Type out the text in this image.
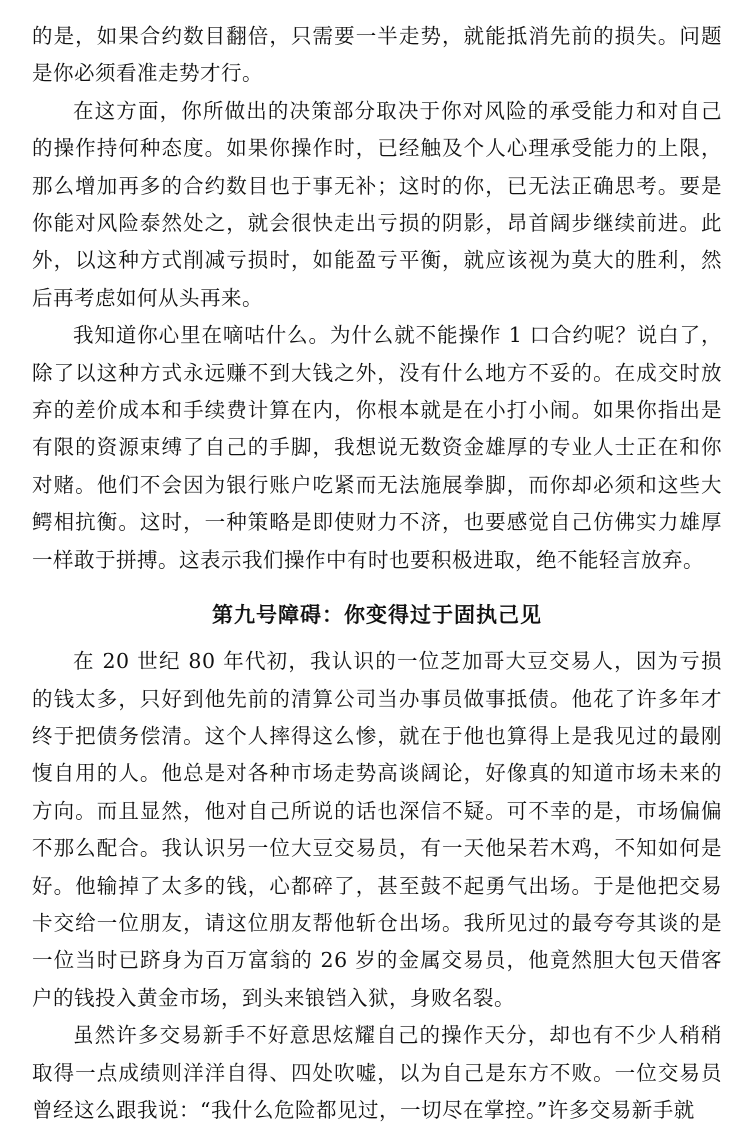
的是，如果合约数目翻倍，只需要一半走势，就能抵消先前的损失。问题是你必须看准走势才行。

在这方面，你所做出的决策部分取决于你对风险的承受能力和对自己的操作持何种态度。如果你操作时，已经触及个人心理承受能力的上限，那么增加再多的合约数目也于事无补；这时的你，已无法正确思考。要是你能对风险泰然处之，就会很快走出亏损的阴影，昂首阔步继续前进。此外，以这种方式削减亏损时，如能盈亏平衡，就应该视为莫大的胜利，然后再考虑如何从头再来。

我知道你心里在嘀咕什么。为什么就不能操作 1 口合约呢？说白了，除了以这种方式永远赚不到大钱之外，没有什么地方不妥的。在成交时放弃的差价成本和手续费计算在内，你根本就是在小打小闹。如果你指出是有限的资源束缚了自己的手脚，我想说无数资金雄厚的专业人士正在和你对赌。他们不会因为银行账户吃紧而无法施展拳脚，而你却必须和这些大鳄相抗衡。这时，一种策略是即使财力不济，也要感觉自己仿佛实力雄厚一样敢于拼搏。这表示我们操作中有时也要积极进取，绝不能轻言放弃。

第九号障碍：你变得过于固执己见

在 20 世纪 80 年代初，我认识的一位芝加哥大豆交易人，因为亏损的钱太多，只好到他先前的清算公司当办事员做事抵债。他花了许多年才终于把债务偿清。这个人摔得这么惨，就在于他也算得上是我见过的最刚愎自用的人。他总是对各种市场走势高谈阔论，好像真的知道市场未来的方向。而且显然，他对自己所说的话也深信不疑。可不幸的是，市场偏偏不那么配合。我认识另一位大豆交易员，有一天他呆若木鸡，不知如何是好。他输掉了太多的钱，心都碎了，甚至鼓不起勇气出场。于是他把交易卡交给一位朋友，请这位朋友帮他斩仓出场。我所见过的最夸夸其谈的是一位当时已跻身为百万富翁的 26 岁的金属交易员，他竟然胆大包天借客户的钱投入黄金市场，到头来锒铛入狱，身败名裂。

虽然许多交易新手不好意思炫耀自己的操作天分，却也有不少人稍稍取得一点成绩则洋洋自得、四处吹嘘，以为自己是东方不败。一位交易员曾经这么跟我说：“我什么危险都见过，一切尽在掌控。”许多交易新手就
